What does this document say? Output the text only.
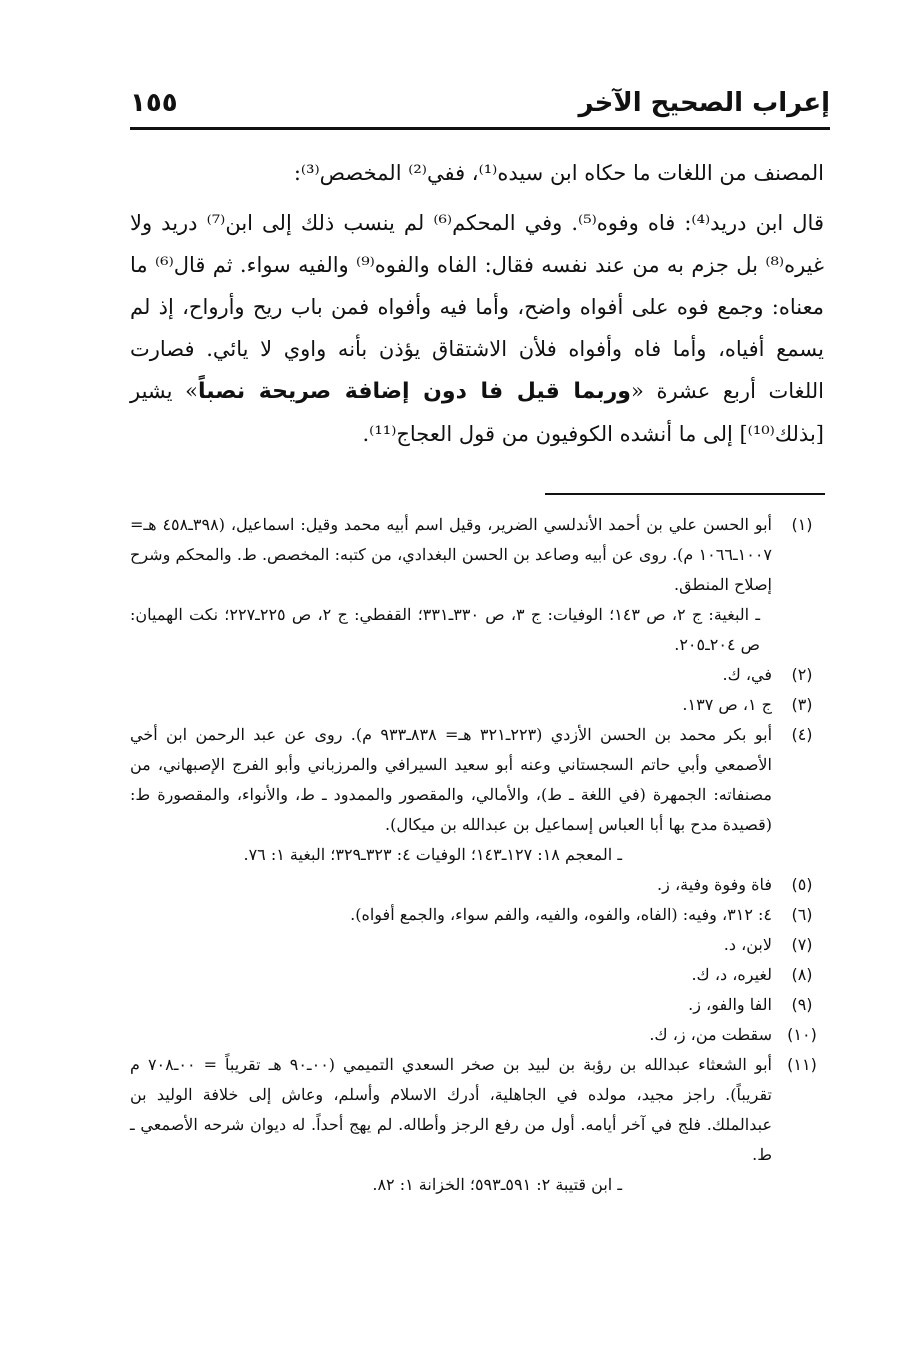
إعراب الصحيح الآخر
١٥٥

المصنف من اللغات ما حكاه ابن سيده⁽¹⁾، ففي⁽²⁾ المخصص⁽³⁾:

قال ابن دريد⁽⁴⁾: فاه وفوه⁽⁵⁾. وفي المحكم⁽⁶⁾ لم ينسب ذلك إلى ابن⁽⁷⁾ دريد ولا غيره⁽⁸⁾ بل جزم به من عند نفسه فقال: الفاه والفوه⁽⁹⁾ والفيه سواء. ثم قال⁽⁶⁾ ما معناه: وجمع فوه على أفواه واضح، وأما فيه وأفواه فمن باب ريح وأرواح، إذ لم يسمع أفياه، وأما فاه وأفواه فلأن الاشتقاق يؤذن بأنه واوي لا يائي. فصارت اللغات أربع عشرة «وربما قيل فا دون إضافة صريحة نصباً» يشير [بذلك⁽¹⁰⁾] إلى ما أنشده الكوفيون من قول العجاج⁽¹¹⁾.

(١)
أبو الحسن علي بن أحمد الأندلسي الضرير، وقيل اسم أبيه محمد وقيل: اسماعيل، (٣٩٨ـ٤٥٨ هـ= ١٠٠٧ـ١٠٦٦ م). روى عن أبيه وصاعد بن الحسن البغدادي، من كتبه: المخصص. ط. والمحكم وشرح إصلاح المنطق.
ـ البغية: ج ٢، ص ١٤٣؛ الوفيات: ج ٣، ص ٣٣٠ـ٣٣١؛ القفطي: ج ٢، ص ٢٢٥ـ٢٢٧؛ نكت الهميان: ص ٢٠٤ـ٢٠٥.
(٢)
في، ك.
(٣)
ج ١، ص ١٣٧.
(٤)
أبو بكر محمد بن الحسن الأزدي (٢٢٣ـ٣٢١ هـ= ٨٣٨ـ٩٣٣ م). روى عن عبد الرحمن ابن أخي الأصمعي وأبي حاتم السجستاني وعنه أبو سعيد السيرافي والمرزباني وأبو الفرج الإصبهاني، من مصنفاته: الجمهرة (في اللغة ـ ط)، والأمالي، والمقصور والممدود ـ ط، والأنواء، والمقصورة ط: (قصيدة مدح بها أبا العباس إسماعيل بن عبدالله بن ميكال).
ـ المعجم ١٨: ١٢٧ـ١٤٣؛ الوفيات ٤: ٣٢٣ـ٣٢٩؛ البغية ١: ٧٦.
(٥)
فاة وفوة وفية، ز.
(٦)
٤: ٣١٢، وفيه: (الفاه، والفوه، والفيه، والفم سواء، والجمع أفواه).
(٧)
لابن، د.
(٨)
لغيره، د، ك.
(٩)
الفا والفو، ز.
(١٠)
سقطت من، ز، ك.
(١١)
أبو الشعثاء عبدالله بن رؤبة بن لبيد بن صخر السعدي التميمي (٠٠ـ٩٠ هـ تقريباً = ٠٠ـ٧٠٨ م تقريباً). راجز مجيد، مولده في الجاهلية، أدرك الاسلام وأسلم، وعاش إلى خلافة الوليد بن عبدالملك. فلج في آخر أيامه. أول من رفع الرجز وأطاله. لم يهج أحداً. له ديوان شرحه الأصمعي ـ ط.
ـ ابن قتيبة ٢: ٥٩١ـ٥٩٣؛ الخزانة ١: ٨٢.
